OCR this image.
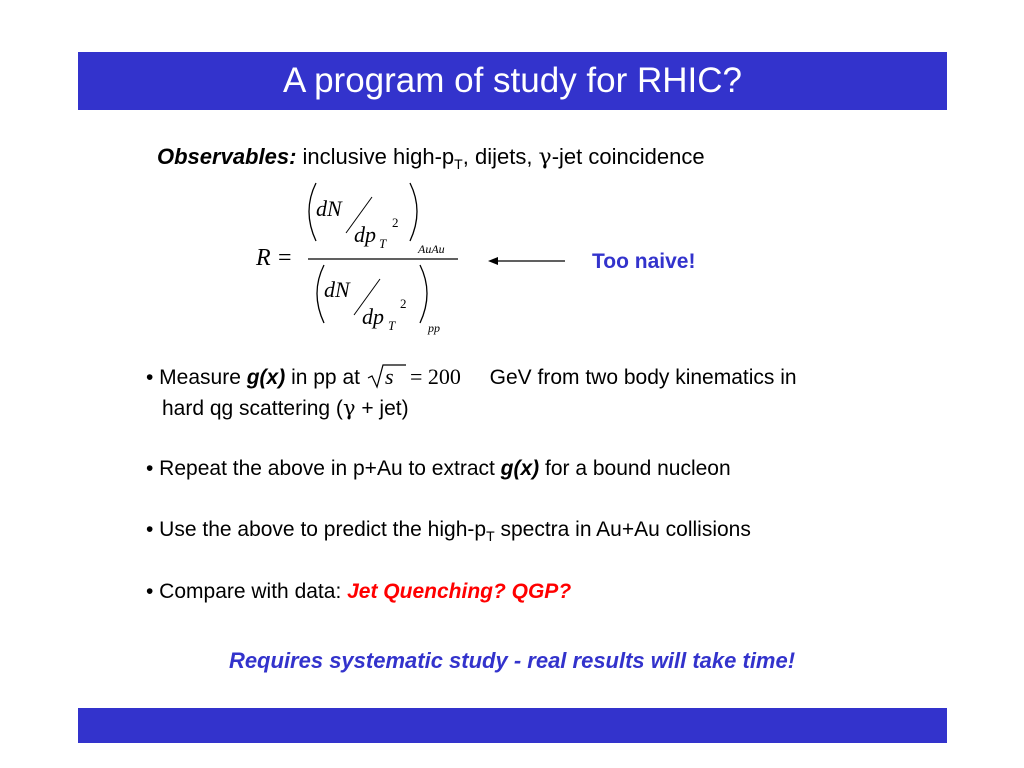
A program of study for RHIC?
Observables: inclusive high-$p_T$, dijets, γ-jet coincidence
R =
dN
dp T
2
AuAu
dN
dp T
2
pp
Too naive!
• Measure g(x) in pp at s = 200 GeV from two body kinematics in
hard qg scattering (γ + jet)
• Repeat the above in p+Au to extract g(x) for a bound nucleon
• Use the above to predict the high-$p_T$ spectra in Au+Au collisions
• Compare with data: Jet Quenching? QGP?
Requires systematic study - real results will take time!
